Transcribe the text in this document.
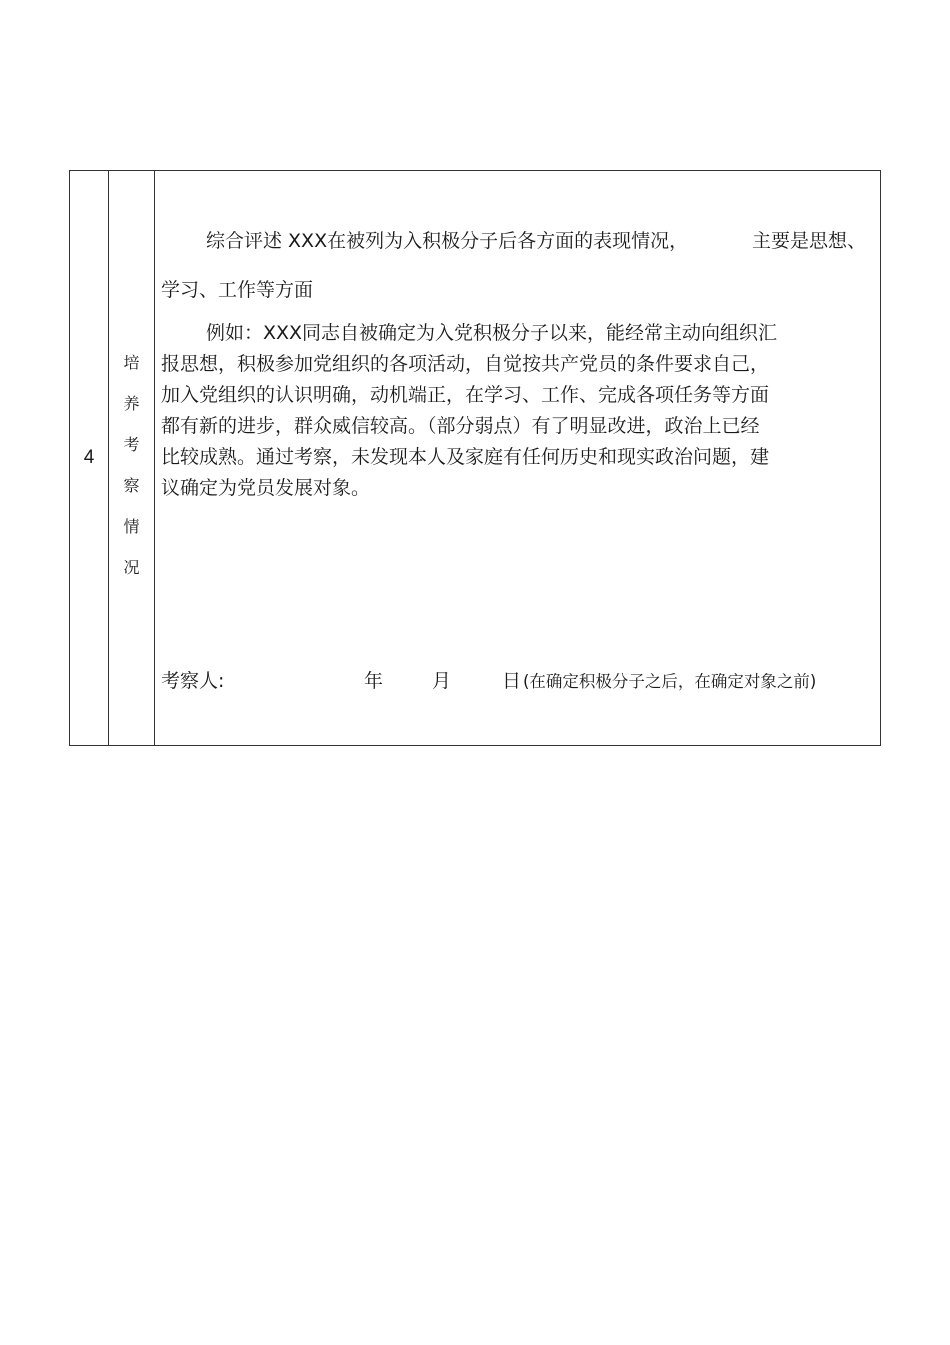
4
培
养
考
察
情
况
综合评述 XXX在被列为入积极分子后各方面的表现情况，	主要是思想、
学习、工作等方面
例如：XXX同志自被确定为入党积极分子以来，能经常主动向组织汇
报思想，积极参加党组织的各项活动，自觉按共产党员的条件要求自己，
加入党组织的认识明确，动机端正，在学习、工作、完成各项任务等方面
都有新的进步，群众威信较高。（部分弱点）有了明显改进，政治上已经
比较成熟。通过考察，未发现本人及家庭有任何历史和现实政治问题，建
议确定为党员发展对象。
考察人:	年	月	日 (在确定积极分子之后，在确定对象之前)
